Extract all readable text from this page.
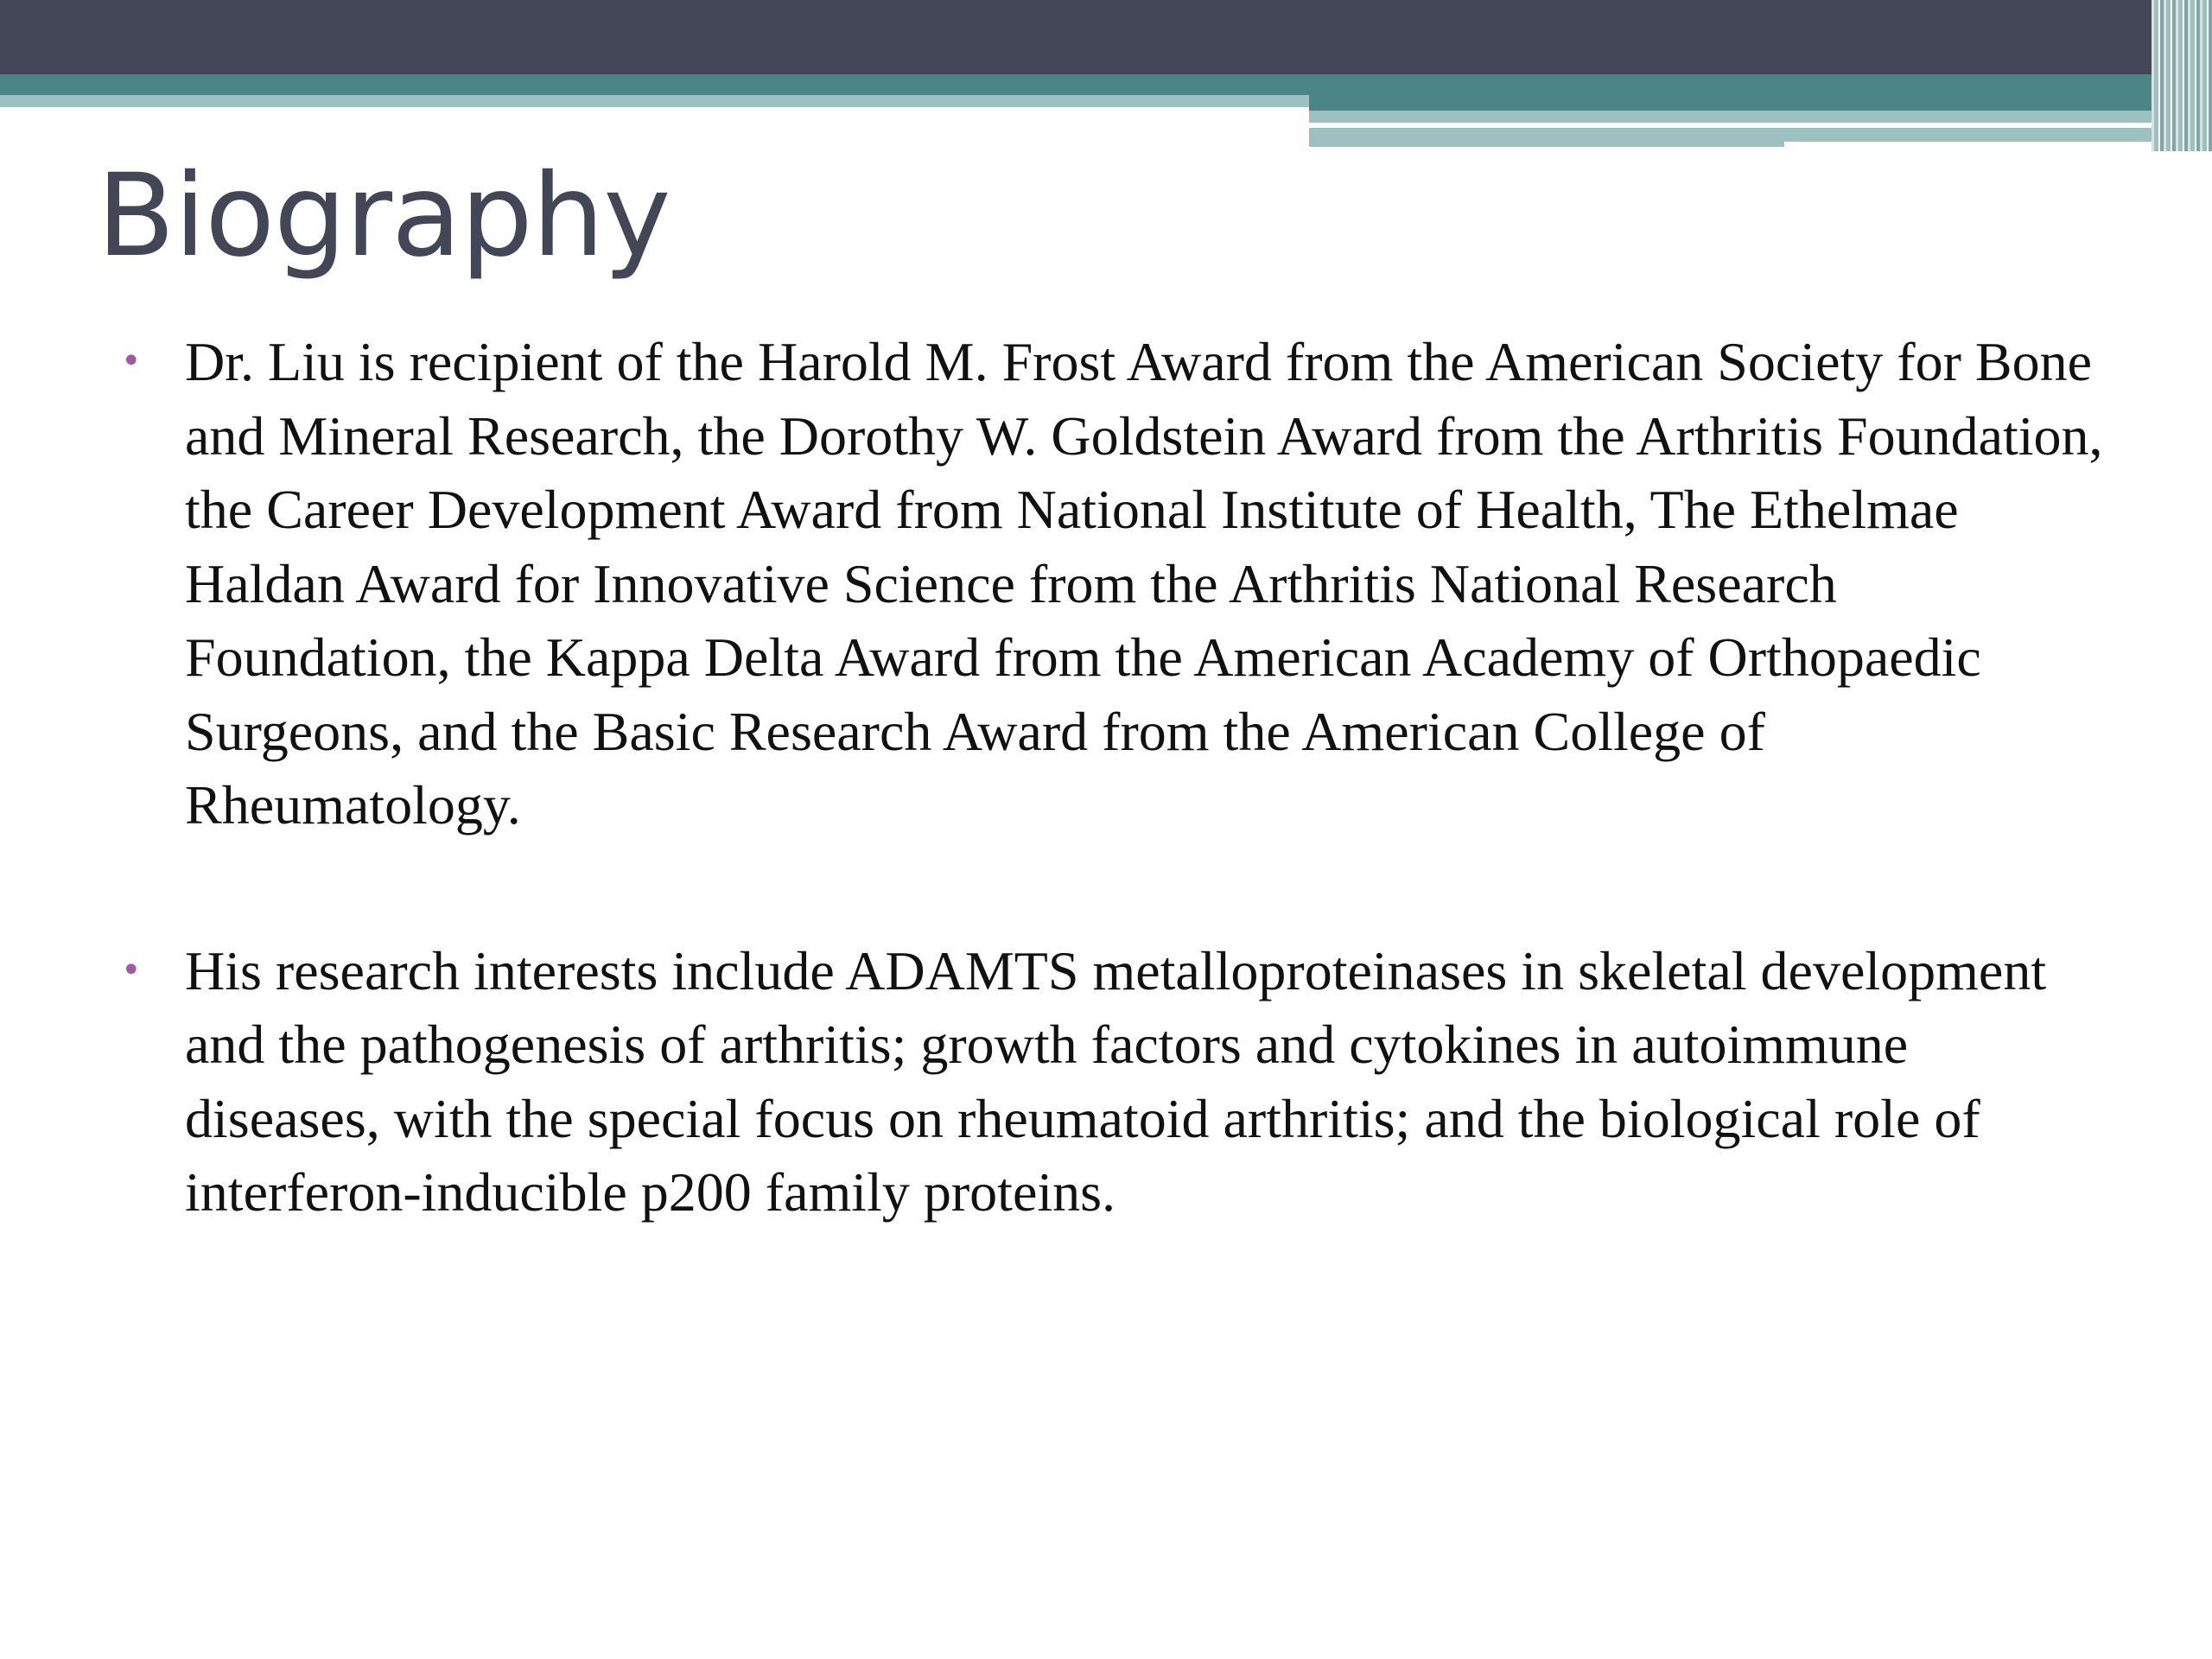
Biography
• Dr. Liu is recipient of the Harold M. Frost Award from the American Society for Bone and Mineral Research, the Dorothy W. Goldstein Award from the Arthritis Foundation, the Career Development Award from National Institute of Health, The Ethelmae Haldan Award for Innovative Science from the Arthritis National Research Foundation, the Kappa Delta Award from the American Academy of Orthopaedic Surgeons, and the Basic Research Award from the American College of Rheumatology.
• His research interests include ADAMTS metalloproteinases in skeletal development and the pathogenesis of arthritis; growth factors and cytokines in autoimmune diseases, with the special focus on rheumatoid arthritis; and the biological role of interferon-inducible p200 family proteins.
